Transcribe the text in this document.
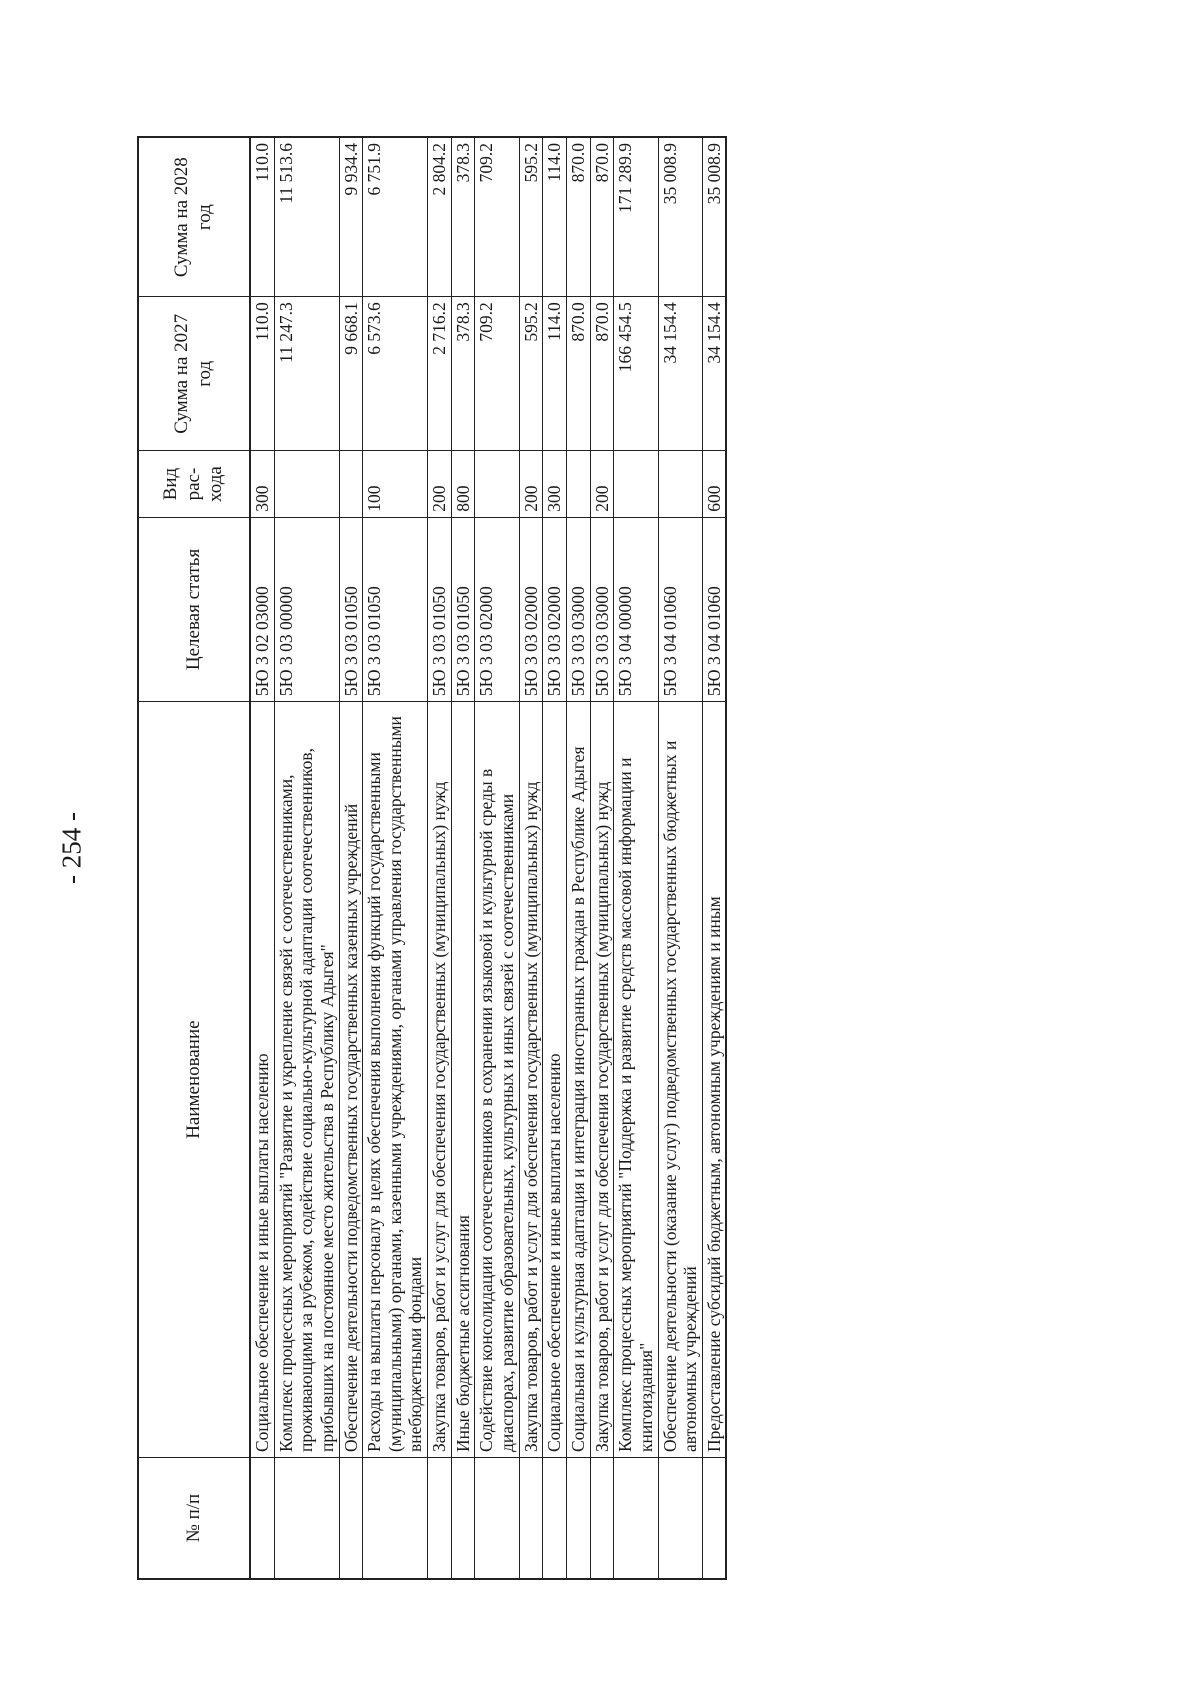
- 254 -
№ п/п	Наименование	Целевая статья	Вид рас- хода	Сумма на 2027 год	Сумма на 2028 год
	Социальное обеспечение и иные выплаты населению	5Ю 3 02 03000	300	110.0	110.0
	Комплекс процессных мероприятий "Развитие и укрепление связей с соотечественниками, проживающими за рубежом, содействие социально-культурной адаптации соотечественников, прибывших на постоянное место жительства в Республику Адыгея"	5Ю 3 03 00000		11 247.3	11 513.6
	Обеспечение деятельности подведомственных государственных казенных учреждений	5Ю 3 03 01050		9 668.1	9 934.4
	Расходы на выплаты персоналу в целях обеспечения выполнения функций государственными (муниципальными) органами, казенными учреждениями, органами управления государственными внебюджетными фондами	5Ю 3 03 01050	100	6 573.6	6 751.9
	Закупка товаров, работ и услуг для обеспечения государственных (муниципальных) нужд	5Ю 3 03 01050	200	2 716.2	2 804.2
	Иные бюджетные ассигнования	5Ю 3 03 01050	800	378.3	378.3
	Содействие консолидации соотечественников в сохранении языковой и культурной среды в диаспорах, развитие образовательных, культурных и иных связей с соотечественниками	5Ю 3 03 02000		709.2	709.2
	Закупка товаров, работ и услуг для обеспечения государственных (муниципальных) нужд	5Ю 3 03 02000	200	595.2	595.2
	Социальное обеспечение и иные выплаты населению	5Ю 3 03 02000	300	114.0	114.0
	Социальная и культурная адаптация и интеграция иностранных граждан в Республике Адыгея	5Ю 3 03 03000		870.0	870.0
	Закупка товаров, работ и услуг для обеспечения государственных (муниципальных) нужд	5Ю 3 03 03000	200	870.0	870.0
	Комплекс процессных мероприятий "Поддержка и развитие средств массовой информации и книгоиздания"	5Ю 3 04 00000		166 454.5	171 289.9
	Обеспечение деятельности (оказание услуг) подведомственных государственных бюджетных и автономных учреждений	5Ю 3 04 01060		34 154.4	35 008.9
	Предоставление субсидий бюджетным, автономным учреждениям и иным	5Ю 3 04 01060	600	34 154.4	35 008.9
